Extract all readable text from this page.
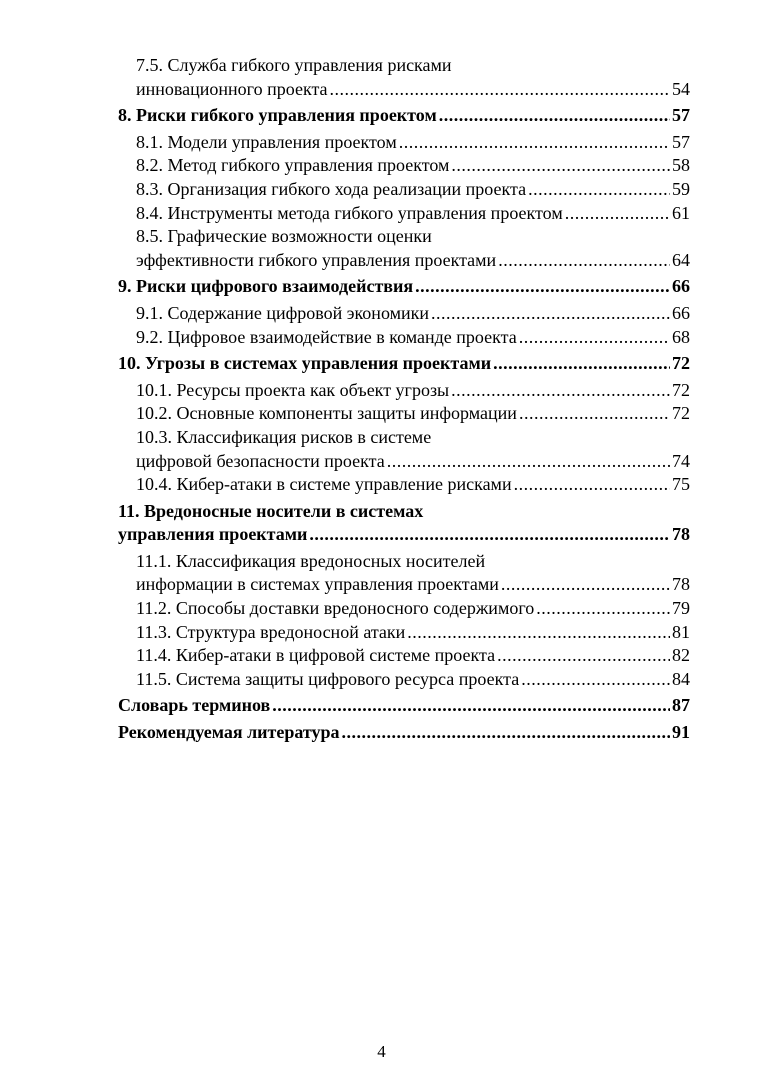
7.5. Служба гибкого управления рисками
инновационного проекта .....	54
8. Риски гибкого управления проектом .....	57
8.1. Модели управления проектом .....	57
8.2. Метод гибкого управления проектом .....	58
8.3. Организация гибкого хода реализации проекта .....	59
8.4. Инструменты метода гибкого управления проектом .....	61
8.5. Графические возможности оценки
эффективности гибкого управления проектами .....	64
9. Риски цифрового взаимодействия .....	66
9.1. Содержание цифровой экономики .....	66
9.2. Цифровое взаимодействие в команде проекта .....	68
10. Угрозы в системах управления проектами .....	72
10.1. Ресурсы проекта как объект угрозы .....	72
10.2. Основные компоненты защиты информации .....	72
10.3. Классификация рисков в системе
цифровой безопасности проекта .....	74
10.4. Кибер-атаки в системе управление рисками .....	75
11. Вредоносные носители в системах
управления проектами .....	78
11.1. Классификация вредоносных носителей
информации в системах управления проектами .....	78
11.2. Способы доставки вредоносного содержимого .....	79
11.3. Структура вредоносной атаки .....	81
11.4. Кибер-атаки в цифровой системе проекта .....	82
11.5. Система защиты цифрового ресурса проекта .....	84
Словарь терминов .....	87
Рекомендуемая литература .....	91
4
